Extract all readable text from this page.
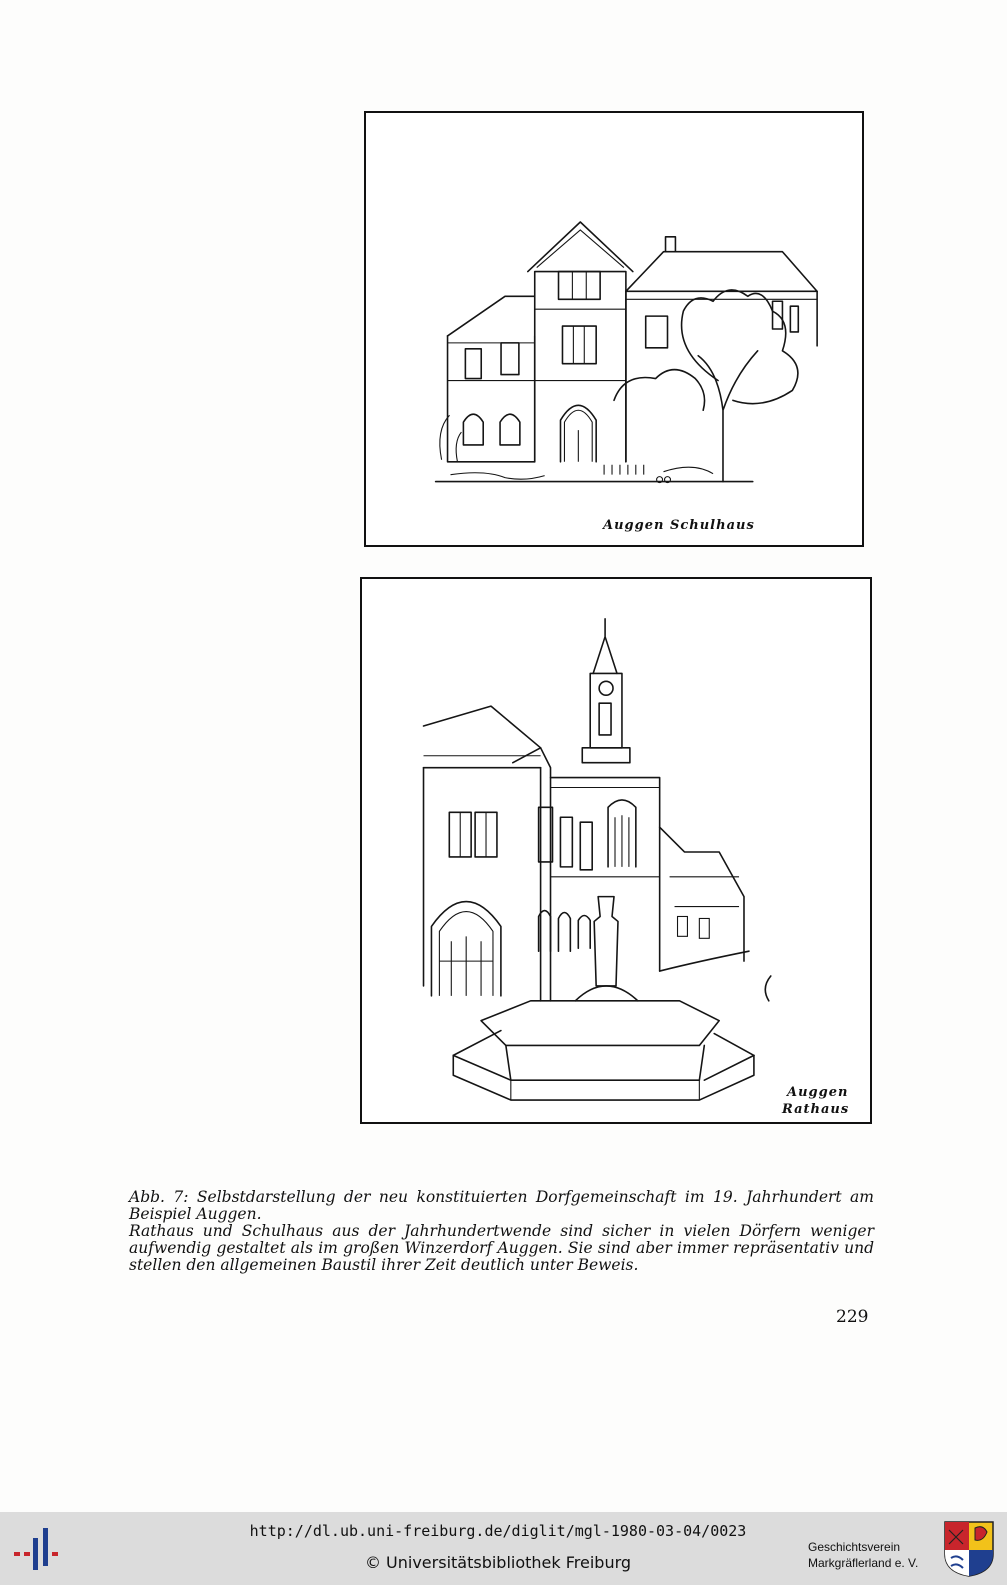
Auggen Schulhaus
Auggen
Rathaus

Abb. 7: Selbstdarstellung der neu konstituierten Dorfgemeinschaft im 19. Jahrhundert am Beispiel Auggen.

Rathaus und Schulhaus aus der Jahrhundertwende sind sicher in vielen Dörfern weniger aufwendig gestaltet als im großen Winzerdorf Auggen. Sie sind aber immer repräsentativ und stellen den allgemeinen Baustil ihrer Zeit deutlich unter Beweis.

229
http://dl.ub.uni-freiburg.de/diglit/mgl-1980-03-04/0023
© Universitätsbibliothek Freiburg
Geschichtsverein
Markgräflerland e. V.
